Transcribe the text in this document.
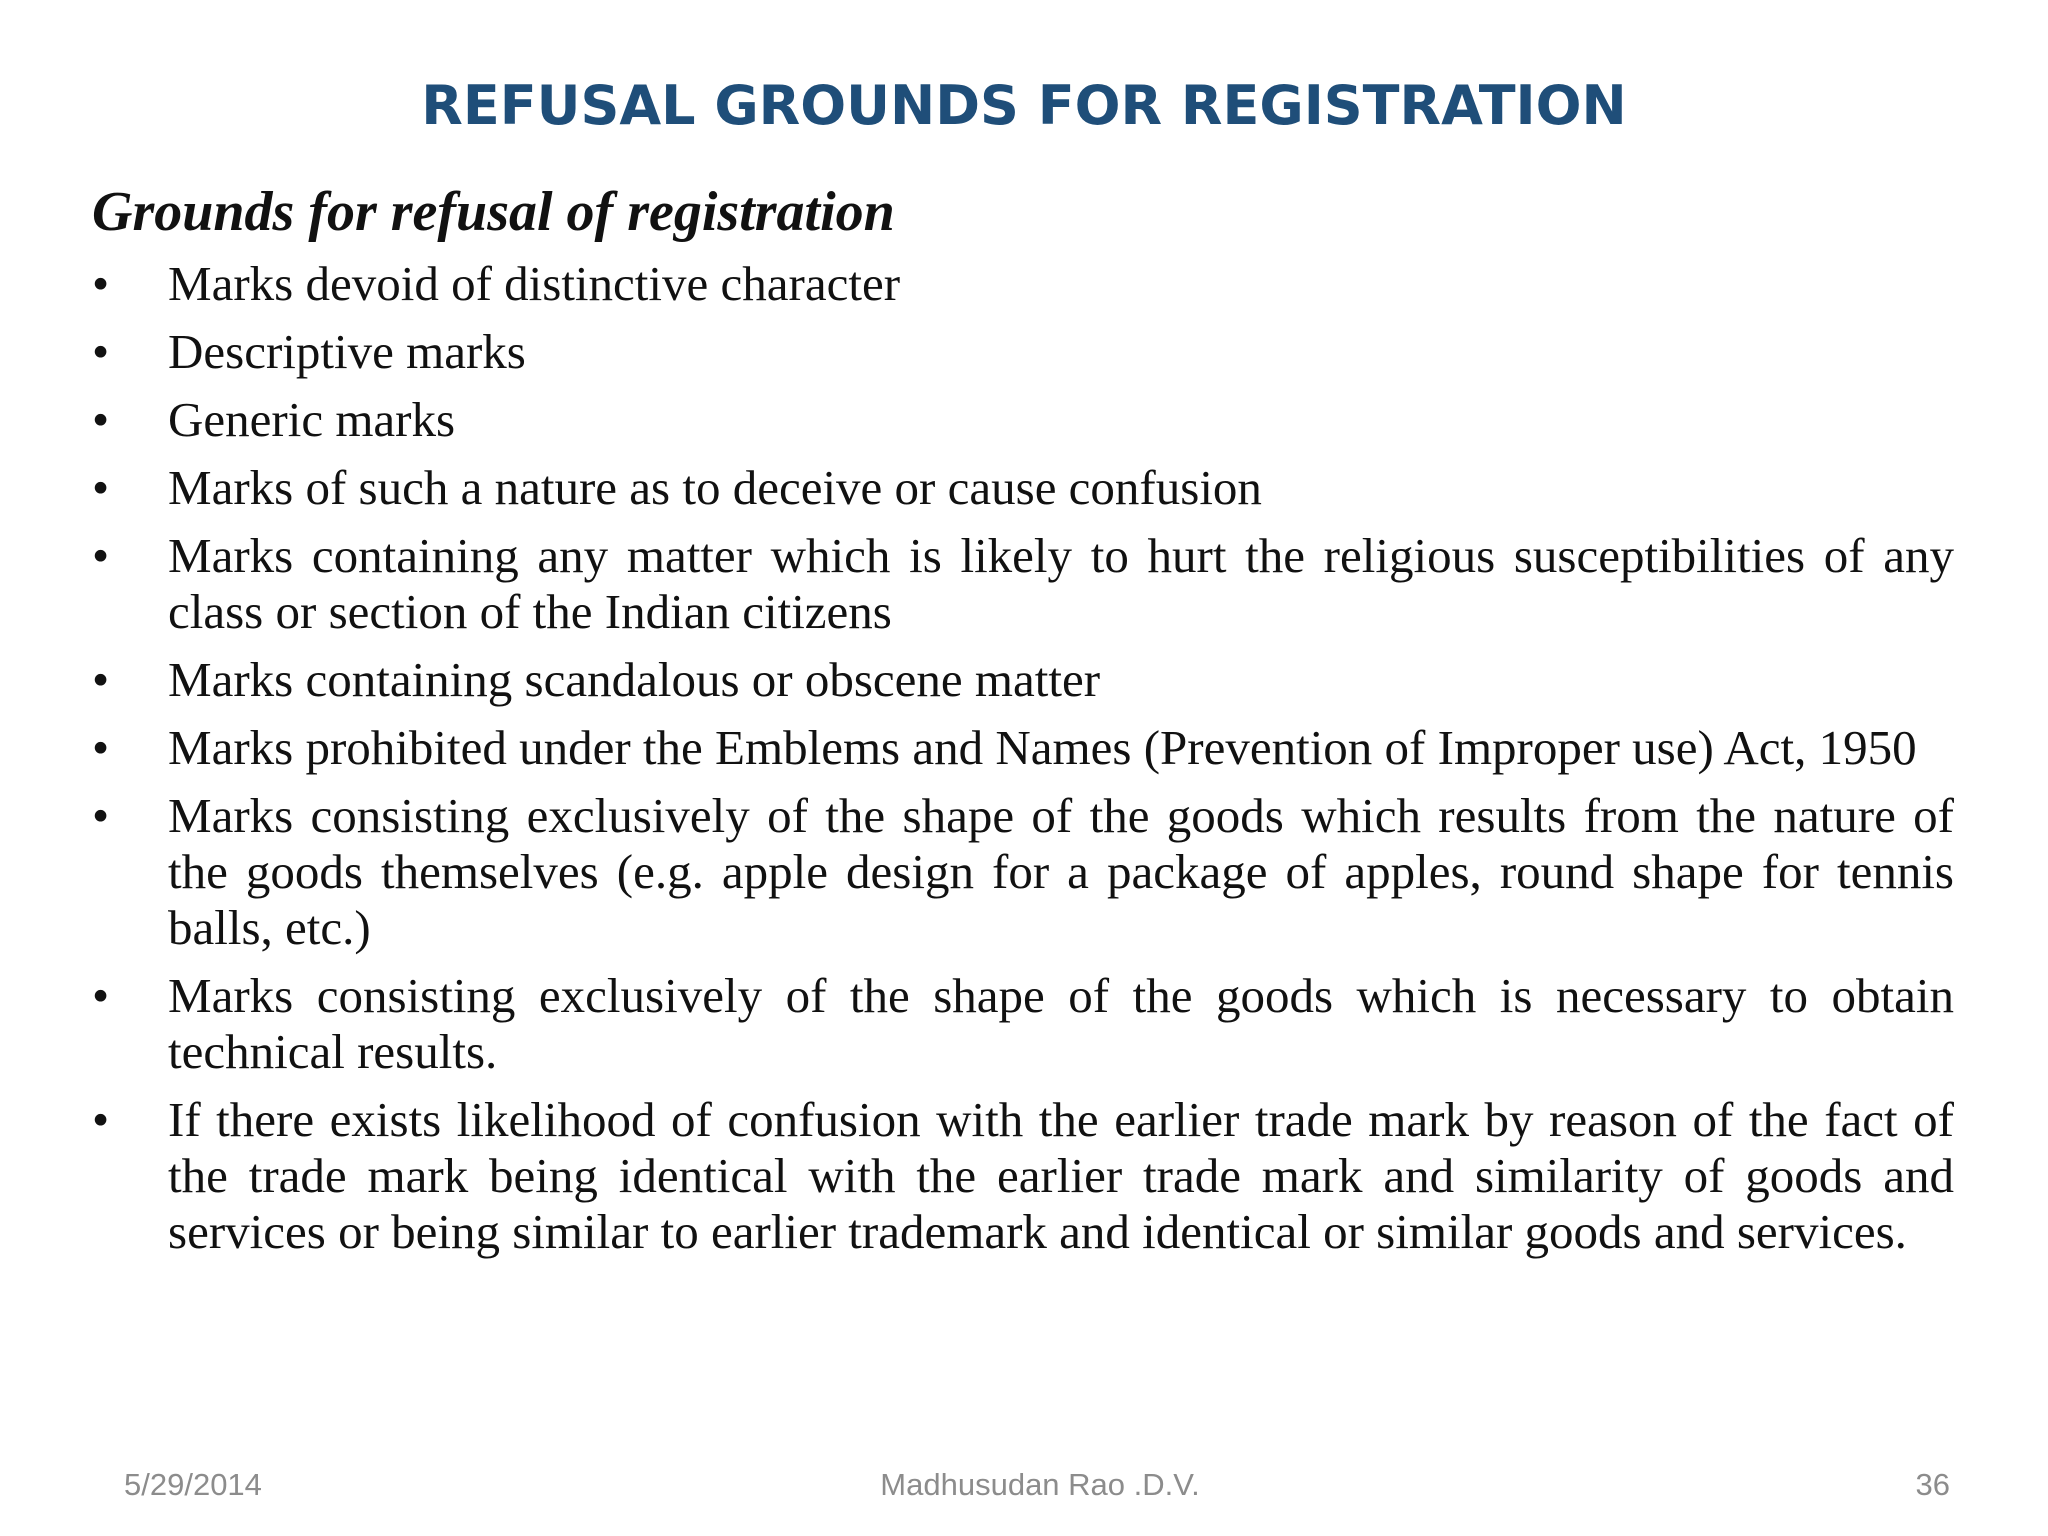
REFUSAL GROUNDS FOR REGISTRATION
Grounds for refusal of registration
•	Marks devoid of distinctive character
•	Descriptive marks
•	Generic marks
•	Marks of such a nature as to deceive or cause confusion
•	Marks containing any matter which is likely to hurt the religious susceptibilities of any class or section of the Indian citizens
•	Marks containing scandalous or obscene matter
•	Marks prohibited under the Emblems and Names (Prevention of Improper use) Act, 1950
•	Marks consisting exclusively of the shape of the goods which results from the nature of the goods themselves (e.g. apple design for a package of apples, round shape for tennis balls, etc.)
•	Marks consisting exclusively of the shape of the goods which is necessary to obtain technical results.
•	If there exists likelihood of confusion with the earlier trade mark by reason of the fact of the trade mark being identical with the earlier trade mark and similarity of goods and services or being similar to earlier trademark and identical or similar goods and services.
5/29/2014	Madhusudan Rao .D.V.	36
